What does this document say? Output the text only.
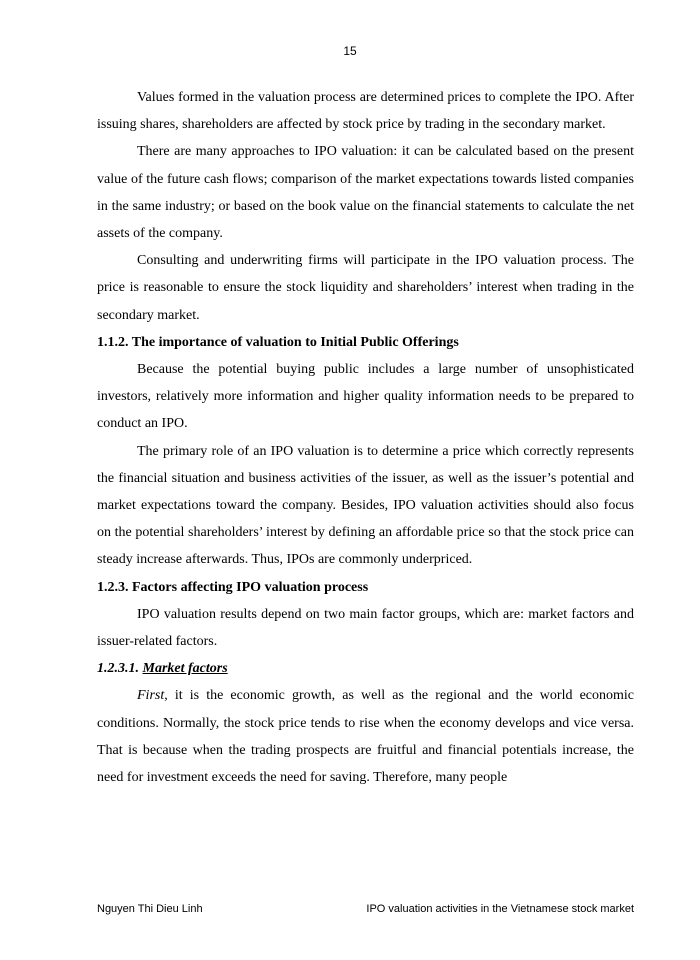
15

Values formed in the valuation process are determined prices to complete the IPO. After issuing shares, shareholders are affected by stock price by trading in the secondary market.

There are many approaches to IPO valuation: it can be calculated based on the present value of the future cash flows; comparison of the market expectations towards listed companies in the same industry; or based on the book value on the financial statements to calculate the net assets of the company.

Consulting and underwriting firms will participate in the IPO valuation process. The price is reasonable to ensure the stock liquidity and shareholders’ interest when trading in the secondary market.

1.1.2. The importance of valuation to Initial Public Offerings

Because the potential buying public includes a large number of unsophisticated investors, relatively more information and higher quality information needs to be prepared to conduct an IPO.

The primary role of an IPO valuation is to determine a price which correctly represents the financial situation and business activities of the issuer, as well as the issuer’s potential and market expectations toward the company. Besides, IPO valuation activities should also focus on the potential shareholders’ interest by defining an affordable price so that the stock price can steady increase afterwards. Thus, IPOs are commonly underpriced.

1.2.3. Factors affecting IPO valuation process

IPO valuation results depend on two main factor groups, which are: market factors and issuer-related factors.

1.2.3.1. Market factors

First, it is the economic growth, as well as the regional and the world economic conditions. Normally, the stock price tends to rise when the economy develops and vice versa. That is because when the trading prospects are fruitful and financial potentials increase, the need for investment exceeds the need for saving. Therefore, many people

Nguyen Thi Dieu Linh	IPO valuation activities in the Vietnamese stock market
